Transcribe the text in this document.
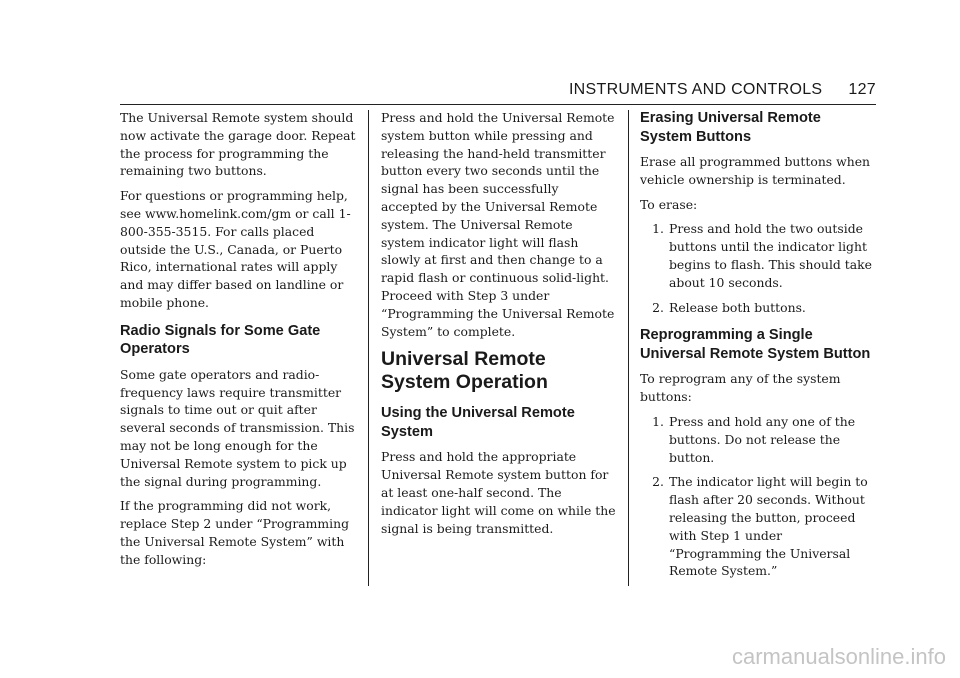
INSTRUMENTS AND CONTROLS 127

The Universal Remote system should now activate the garage door. Repeat the process for programming the remaining two buttons.

For questions or programming help, see www.homelink.com/gm or call 1-800-355-3515. For calls placed outside the U.S., Canada, or Puerto Rico, international rates will apply and may differ based on landline or mobile phone.

Radio Signals for Some Gate Operators

Some gate operators and radio-frequency laws require transmitter signals to time out or quit after several seconds of transmission. This may not be long enough for the Universal Remote system to pick up the signal during programming.

If the programming did not work, replace Step 2 under “Programming the Universal Remote System” with the following:

Press and hold the Universal Remote system button while pressing and releasing the hand-held transmitter button every two seconds until the signal has been successfully accepted by the Universal Remote system. The Universal Remote system indicator light will flash slowly at first and then change to a rapid flash or continuous solid-light. Proceed with Step 3 under “Programming the Universal Remote System” to complete.

Universal Remote System Operation
Using the Universal Remote System

Press and hold the appropriate Universal Remote system button for at least one-half second. The indicator light will come on while the signal is being transmitted.

Erasing Universal Remote System Buttons

Erase all programmed buttons when vehicle ownership is terminated.

To erase:

1. Press and hold the two outside buttons until the indicator light begins to flash. This should take about 10 seconds.
2. Release both buttons.
Reprogramming a Single Universal Remote System Button

To reprogram any of the system buttons:

1. Press and hold any one of the buttons. Do not release the button.
2. The indicator light will begin to flash after 20 seconds. Without releasing the button, proceed with Step 1 under “Programming the Universal Remote System.”
carmanualsonline.info
